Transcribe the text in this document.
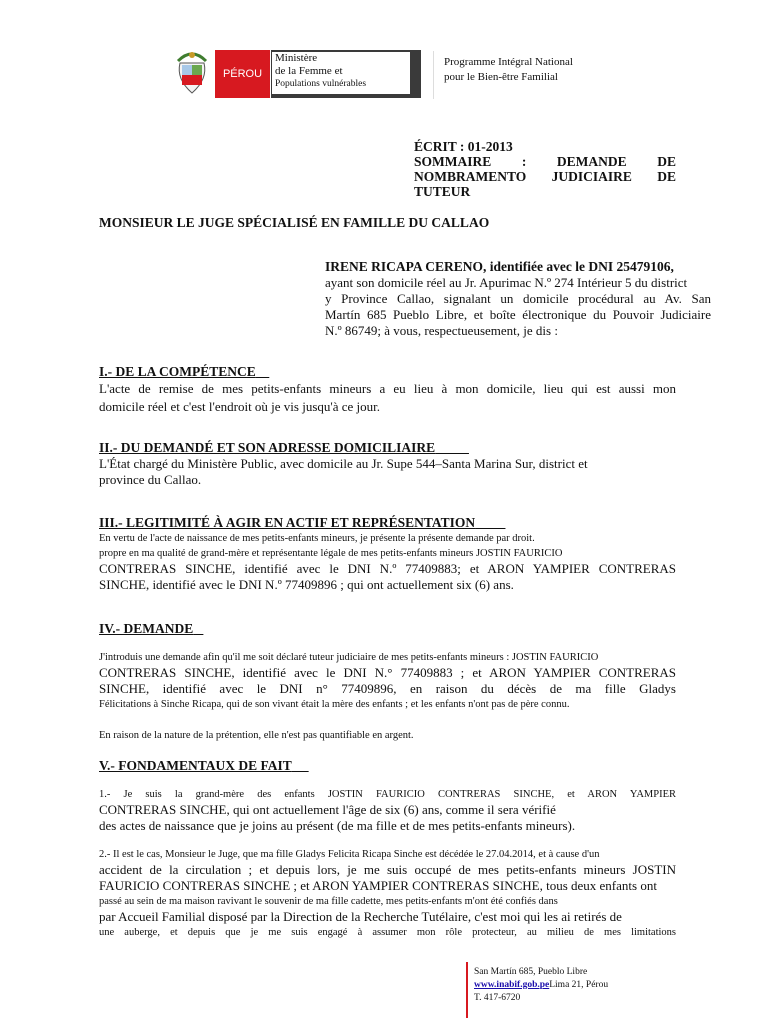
PÉROU
Ministère
de la Femme et
Populations vulnérables
Programme Intégral National
pour le Bien-être Familial
ÉCRIT : 01-2013
SOMMAIRE : DEMANDE DE
NOMBRAMENTO JUDICIAIRE DE
TUTEUR
MONSIEUR LE JUGE SPÉCIALISÉ EN FAMILLE DU CALLAO
IRENE RICAPA CERENO, identifiée avec le DNI 25479106,
ayant son domicile réel au Jr. Apurimac N.º 274 Intérieur 5 du district
y Province Callao, signalant un domicile procédural au Av. San
Martín 685 Pueblo Libre, et boîte électronique du Pouvoir Judiciaire
N.º 86749; à vous, respectueusement, je dis :
I.- DE LA COMPÉTENCE
L'acte de remise de mes petits-enfants mineurs a eu lieu à mon domicile, lieu qui est aussi mon
domicile réel et c'est l'endroit où je vis jusqu'à ce jour.
II.- DU DEMANDÉ ET SON ADRESSE DOMICILIAIRE
L'État chargé du Ministère Public, avec domicile au Jr. Supe 544–Santa Marina Sur, district et
province du Callao.
III.- LEGITIMITÉ À AGIR EN ACTIF ET REPRÉSENTATION
En vertu de l'acte de naissance de mes petits-enfants mineurs, je présente la présente demande par droit.
propre en ma qualité de grand-mère et représentante légale de mes petits-enfants mineurs JOSTIN FAURICIO
CONTRERAS SINCHE, identifié avec le DNI N.º 77409883; et ARON YAMPIER CONTRERAS
SINCHE, identifié avec le DNI N.º 77409896 ; qui ont actuellement six (6) ans.
IV.- DEMANDE
J'introduis une demande afin qu'il me soit déclaré tuteur judiciaire de mes petits-enfants mineurs : JOSTIN FAURICIO
CONTRERAS SINCHE, identifié avec le DNI N.° 77409883 ; et ARON YAMPIER CONTRERAS
SINCHE, identifié avec le DNI n° 77409896, en raison du décès de ma fille Gladys
Félicitations à Sinche Ricapa, qui de son vivant était la mère des enfants ; et les enfants n'ont pas de père connu.
En raison de la nature de la prétention, elle n'est pas quantifiable en argent.
V.- FONDAMENTAUX DE FAIT
1.- Je suis la grand-mère des enfants JOSTIN FAURICIO CONTRERAS SINCHE, et ARON YAMPIER
CONTRERAS SINCHE, qui ont actuellement l'âge de six (6) ans, comme il sera vérifié
des actes de naissance que je joins au présent (de ma fille et de mes petits-enfants mineurs).
2.- Il est le cas, Monsieur le Juge, que ma fille Gladys Felicita Ricapa Sinche est décédée le 27.04.2014, et à cause d'un
accident de la circulation ; et depuis lors, je me suis occupé de mes petits-enfants mineurs JOSTIN
FAURICIO CONTRERAS SINCHE ; et ARON YAMPIER CONTRERAS SINCHE, tous deux enfants ont
passé au sein de ma maison ravivant le souvenir de ma fille cadette, mes petits-enfants m'ont été confiés dans
par Accueil Familial disposé par la Direction de la Recherche Tutélaire, c'est moi qui les ai retirés de
une auberge, et depuis que je me suis engagé à assumer mon rôle protecteur, au milieu de mes limitations
San Martín 685, Pueblo Libre
www.inabif.gob.peLima 21, Pérou
T. 417-6720
